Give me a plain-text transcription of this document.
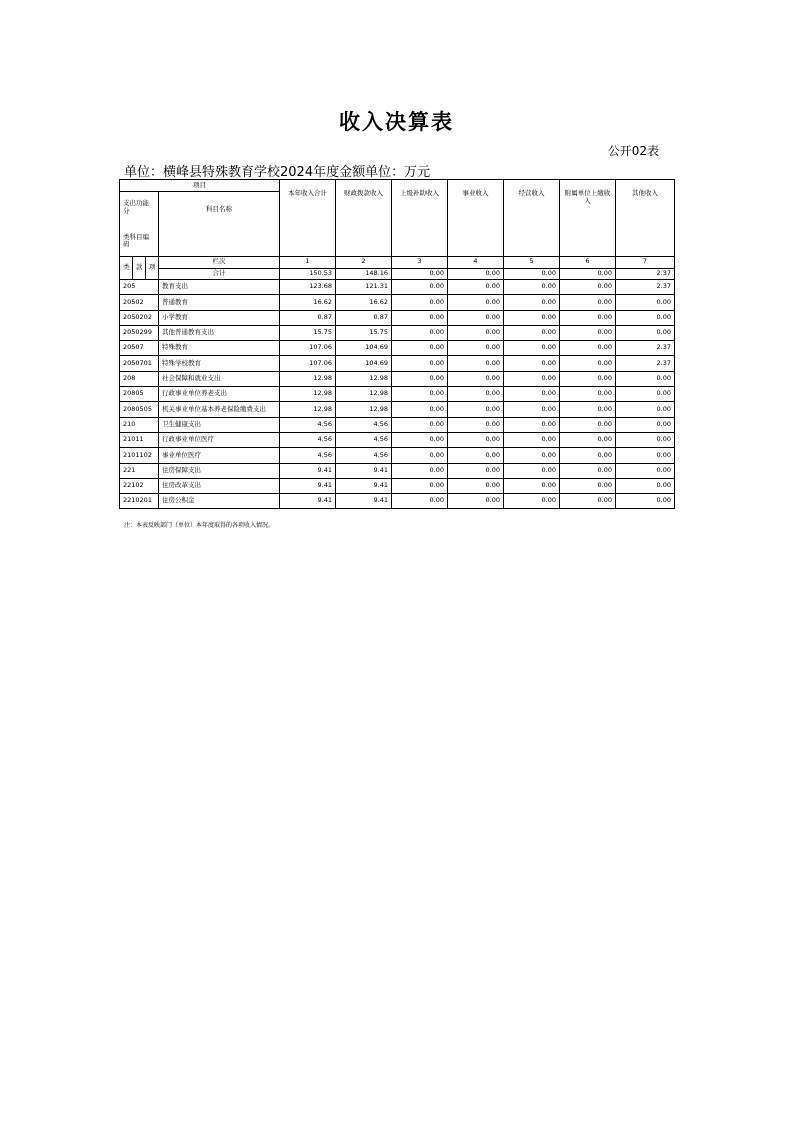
收入决算表
公开02表
单位：横峰县特殊教育学校2024年度金额单位：万元
项目				本年收入合计	财政拨款收入	上级补助收入	事业收入	经营收入	附属单位上缴收入	其他收入

支出功能分
类科目编码			科目名称							

类	款	项	栏次	1	2	3	4	5	6	7
			合计	150.53	148.16	0.00	0.00	0.00	0.00	2.37
205			教育支出	123.68	121.31	0.00	0.00	0.00	0.00	2.37
20502			普通教育	16.62	16.62	0.00	0.00	0.00	0.00	0.00
2050202			小学教育	0.87	0.87	0.00	0.00	0.00	0.00	0.00
2050299			其他普通教育支出	15.75	15.75	0.00	0.00	0.00	0.00	0.00
20507			特殊教育	107.06	104.69	0.00	0.00	0.00	0.00	2.37
2050701			特殊学校教育	107.06	104.69	0.00	0.00	0.00	0.00	2.37
208			社会保障和就业支出	12.98	12.98	0.00	0.00	0.00	0.00	0.00
20805			行政事业单位养老支出	12.98	12.98	0.00	0.00	0.00	0.00	0.00
2080505			机关事业单位基本养老保险缴费支出	12.98	12.98	0.00	0.00	0.00	0.00	0.00
210			卫生健康支出	4.56	4.56	0.00	0.00	0.00	0.00	0.00
21011			行政事业单位医疗	4.56	4.56	0.00	0.00	0.00	0.00	0.00
2101102			事业单位医疗	4.56	4.56	0.00	0.00	0.00	0.00	0.00
221			住房保障支出	9.41	9.41	0.00	0.00	0.00	0.00	0.00
22102			住房改革支出	9.41	9.41	0.00	0.00	0.00	0.00	0.00
2210201			住房公积金	9.41	9.41	0.00	0.00	0.00	0.00	0.00
注：本表反映部门（单位）本年度取得的各项收入情况。
